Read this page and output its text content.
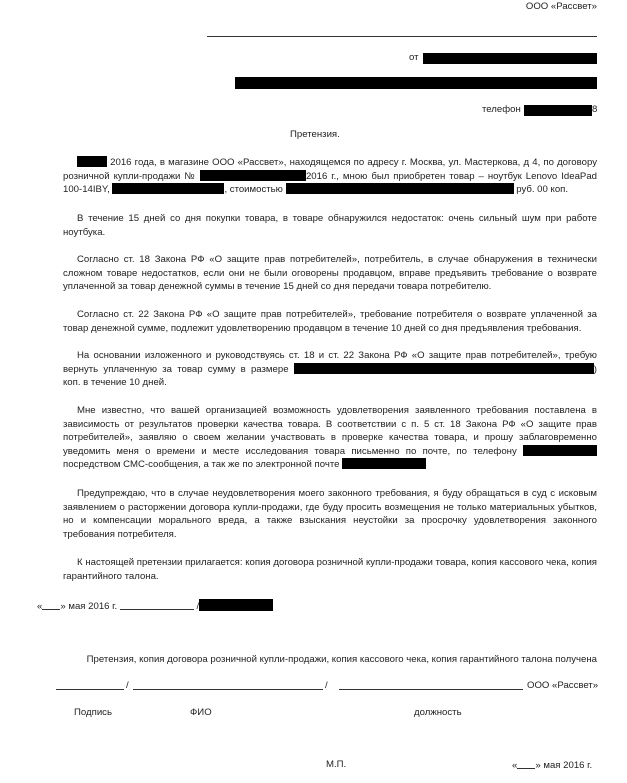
ООО «Рассвет»
от
телефон	8
Претензия.

2016 года, в магазине ООО «Рассвет», находящемся по адресу г. Москва, ул. Мастеркова, д 4, по договору розничной купли-продажи №	2016 г., мною был приобретен товар – ноутбук Lenovo IdeaPad 100-14IBY,	, стоимостью	руб. 00 коп.

В течение 15 дней со дня покупки товара, в товаре обнаружился недостаток: очень сильный шум при работе ноутбука.

Согласно ст. 18 Закона РФ «О защите прав потребителей», потребитель, в случае обнаружения в технически сложном товаре недостатков, если они не были оговорены продавцом, вправе предъявить требование о возврате уплаченной за товар денежной суммы в течение 15 дней со дня передачи товара потребителю.

Согласно ст. 22 Закона РФ «О защите прав потребителей», требование потребителя о возврате уплаченной за товар денежной сумме, подлежит удовлетворению продавцом в течение 10 дней со дня предъявления требования.

На основании изложенного и руководствуясь ст. 18 и ст. 22 Закона РФ «О защите прав потребителей», требую вернуть уплаченную за товар сумму в размере	) коп. в течение 10 дней.

Мне известно, что вашей организацией возможность удовлетворения заявленного требования поставлена в зависимость от результатов проверки качества товара. В соответствии с п. 5 ст. 18 Закона РФ «О защите прав потребителей», заявляю о своем желании участвовать в проверке качества товара, и прошу заблаговременно уведомить меня о времени и месте исследования товара письменно по почте, по телефону  посредством СМС-сообщения, а так же по электронной почте

Предупреждаю, что в случае неудовлетворения моего законного требования, я буду обращаться в суд с исковым заявлением о расторжении договора купли-продажи, где буду просить возмещения не только материальных убытков, но и компенсации морального вреда, а также взыскания неустойки за просрочку удовлетворения законного требования потребителя.

К настоящей претензии прилагается: копия договора розничной купли-продажи товара, копия кассового чека, копия гарантийного талона.

« » мая 2016 г.	/
Претензия, копия договора розничной купли-продажи, копия кассового чека, копия гарантийного талона получена
/	/	ООО «Рассвет»
Подпись	ФИО	должность
М.П.	« » мая 2016 г.
